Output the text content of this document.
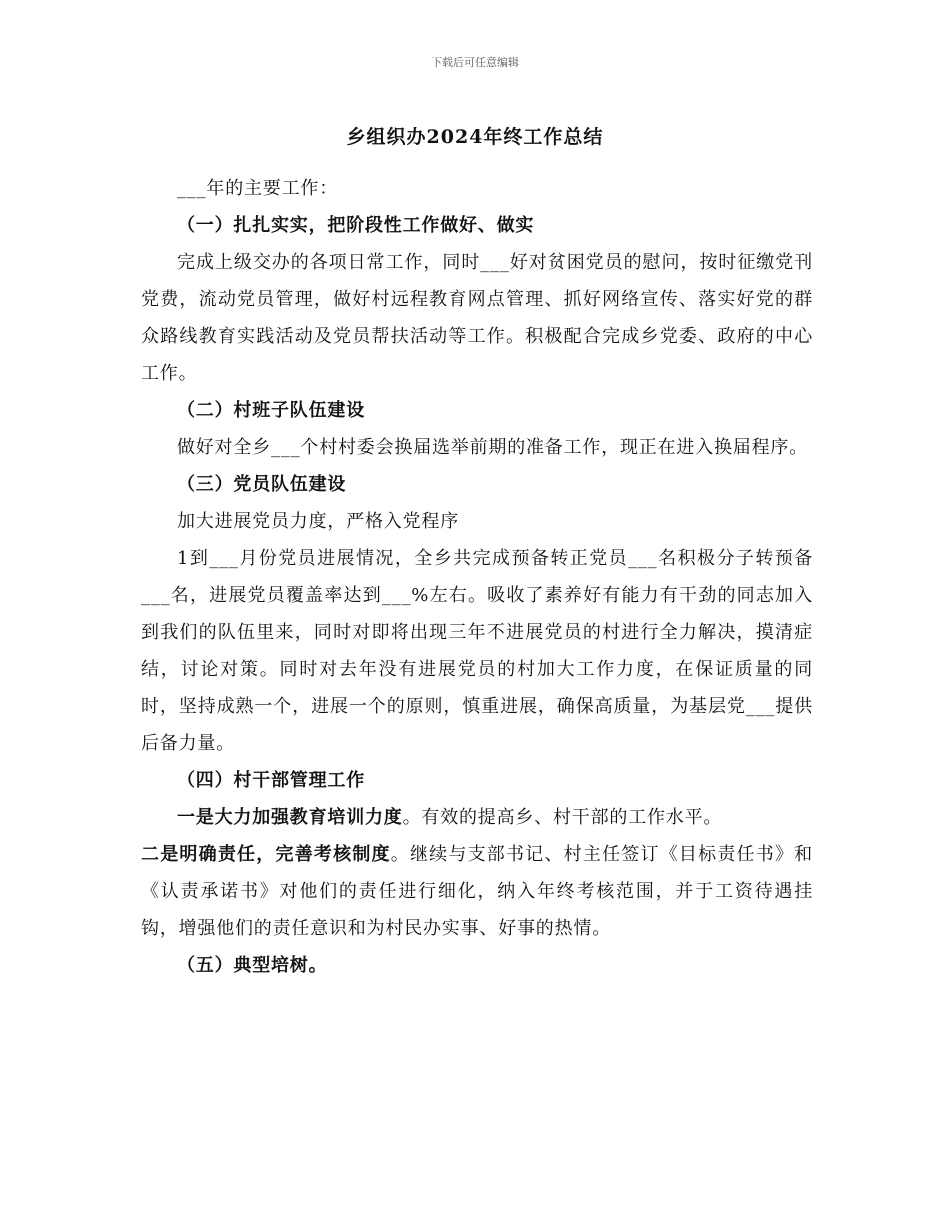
下载后可任意编辑
乡组织办2024年终工作总结

___年的主要工作：

（一）扎扎实实，把阶段性工作做好、做实

完成上级交办的各项日常工作，同时___好对贫困党员的慰问，按时征缴党刊党费，流动党员管理，做好村远程教育网点管理、抓好网络宣传、落实好党的群众路线教育实践活动及党员帮扶活动等工作。积极配合完成乡党委、政府的中心工作。

（二）村班子队伍建设

做好对全乡___个村村委会换届选举前期的准备工作，现正在进入换届程序。

（三）党员队伍建设

加大进展党员力度，严格入党程序

1到___月份党员进展情况，全乡共完成预备转正党员___名积极分子转预备___名，进展党员覆盖率达到___%左右。吸收了素养好有能力有干劲的同志加入到我们的队伍里来，同时对即将出现三年不进展党员的村进行全力解决，摸清症结，讨论对策。同时对去年没有进展党员的村加大工作力度，在保证质量的同时，坚持成熟一个，进展一个的原则，慎重进展，确保高质量，为基层党___提供后备力量。

（四）村干部管理工作

一是大力加强教育培训力度。有效的提高乡、村干部的工作水平。

二是明确责任，完善考核制度。继续与支部书记、村主任签订《目标责任书》和《认责承诺书》对他们的责任进行细化，纳入年终考核范围，并于工资待遇挂钩，增强他们的责任意识和为村民办实事、好事的热情。

（五）典型培树。
